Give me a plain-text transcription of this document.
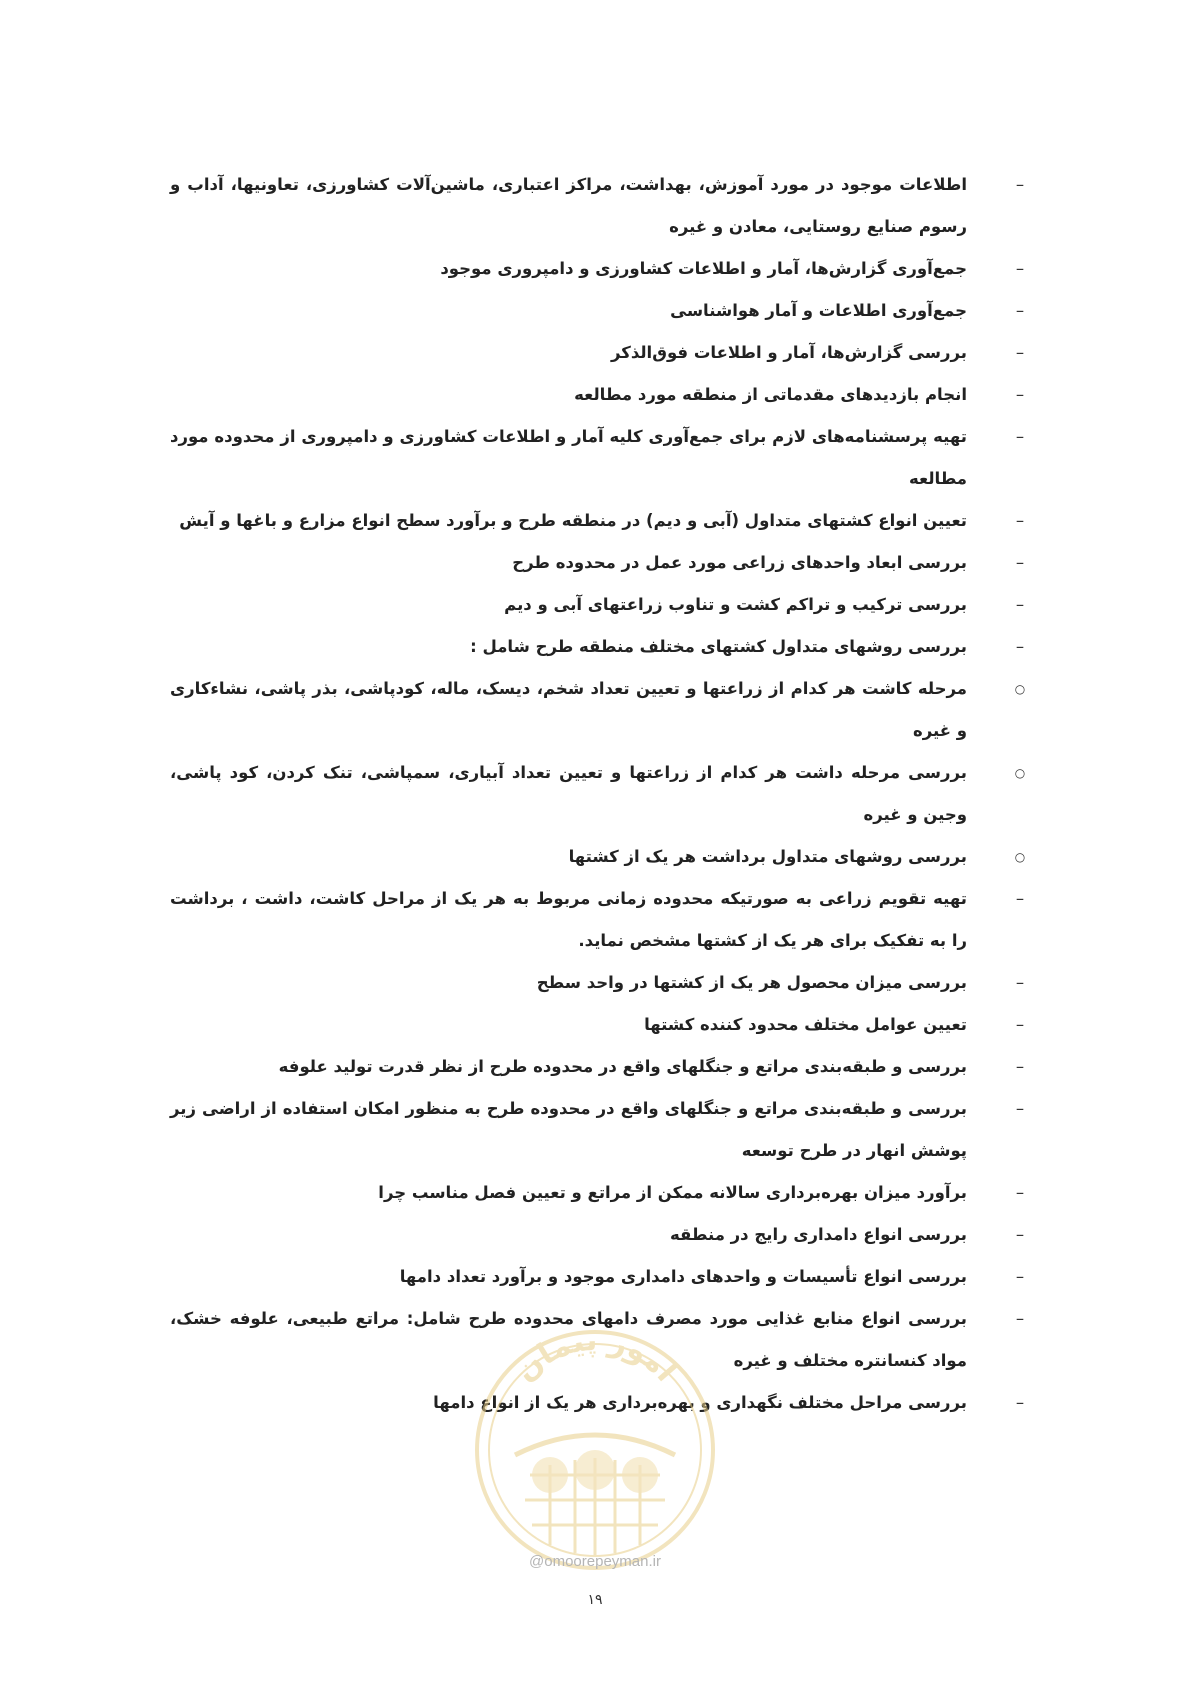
–
اطلاعات موجود در مورد آموزش، بهداشت، مراکز اعتباری، ماشین‌آلات کشاورزی، تعاونیها، آداب و رسوم صنایع روستایی، معادن و غیره
–
جمع‌آوری گزارش‌ها، آمار و اطلاعات کشاورزی و دامپروری موجود
–
جمع‌آوری اطلاعات و آمار هواشناسی
–
بررسی گزارش‌ها، آمار و اطلاعات فوق‌الذکر
–
انجام بازدیدهای مقدماتی از منطقه مورد مطالعه
–
تهیه پرسشنامه‌های لازم برای جمع‌آوری کلیه آمار و اطلاعات کشاورزی و دامپروری از محدوده مورد مطالعه
–
تعیین انواع کشتهای متداول (آبی و دیم) در منطقه طرح و برآورد سطح انواع مزارع و باغها و آیش
–
بررسی ابعاد واحدهای زراعی مورد عمل در محدوده طرح
–
بررسی ترکیب و تراکم کشت و تناوب زراعتهای آبی و دیم
–
بررسی روشهای متداول کشتهای مختلف منطقه طرح شامل :
○
مرحله کاشت هر کدام از زراعتها و تعیین تعداد شخم، دیسک، ماله، کودپاشی، بذر پاشی، نشاءکاری و غیره
○
بررسی مرحله داشت هر کدام از زراعتها و تعیین تعداد آبیاری، سمپاشی، تنک کردن، کود پاشی، وجین و غیره
○
بررسی روشهای متداول برداشت هر یک از کشتها
–
تهیه تقویم زراعی به صورتیکه محدوده زمانی مربوط به هر یک از مراحل کاشت، داشت ، برداشت را به تفکیک برای هر یک از کشتها مشخص نماید.
–
بررسی میزان محصول هر یک از کشتها در واحد سطح
–
تعیین عوامل مختلف محدود کننده کشتها
–
بررسی و طبقه‌بندی مراتع و جنگلهای واقع در محدوده طرح از نظر قدرت تولید علوفه
–
بررسی و طبقه‌بندی مراتع و جنگلهای واقع در محدوده طرح به منظور امکان استفاده از اراضی زیر پوشش انهار در طرح توسعه
–
برآورد میزان بهره‌برداری سالانه ممکن از مراتع و تعیین فصل مناسب چرا
–
بررسی انواع دامداری رایج در منطقه
–
بررسی انواع تأسیسات و واحدهای دامداری موجود و برآورد تعداد دامها
–
بررسی انواع منابع غذایی مورد مصرف دامهای محدوده طرح شامل: مراتع طبیعی، علوفه خشک، مواد کنسانتره مختلف و غیره
–
بررسی مراحل مختلف نگهداری و بهره‌برداری هر یک از انواع دامها
امور پیمان
@omoorepeyman.ir
۱۹
